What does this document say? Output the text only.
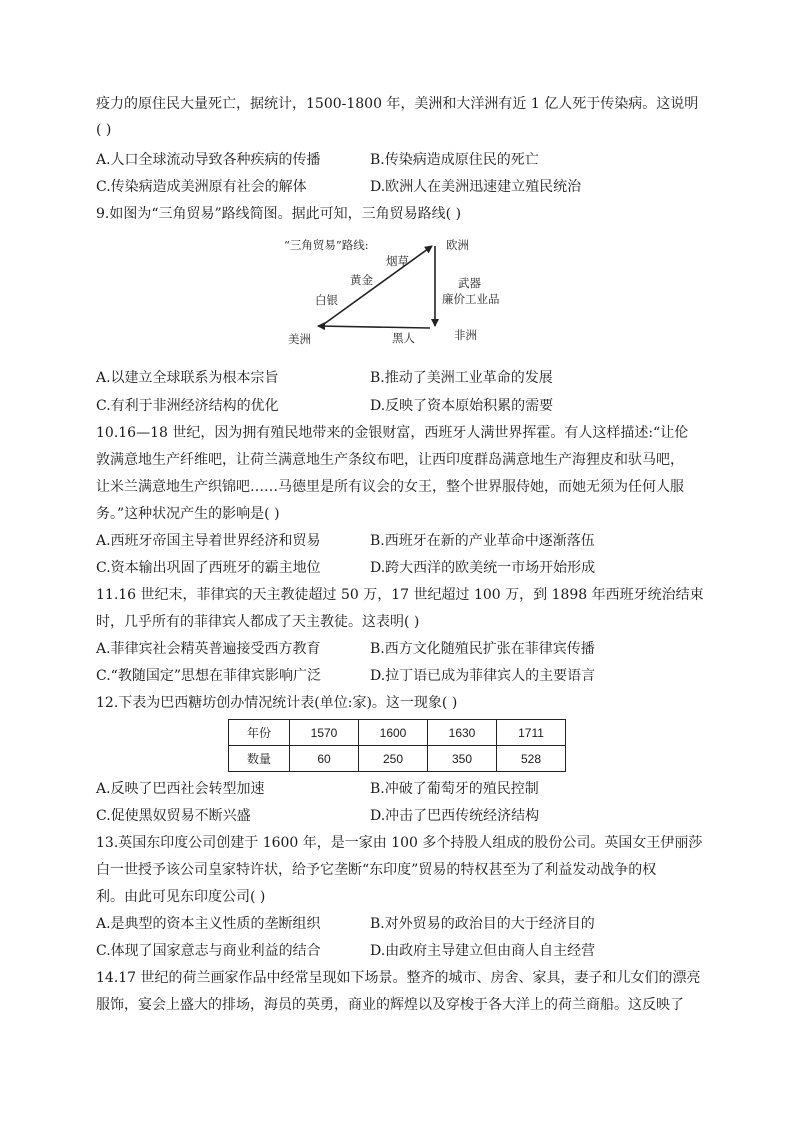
疫力的原住民大量死亡，据统计，1500-1800 年，美洲和大洋洲有近 1 亿人死于传染病。这说明
( )
A.人口全球流动导致各种疾病的传播	B.传染病造成原住民的死亡
C.传染病造成美洲原有社会的解体	D.欧洲人在美洲迅速建立殖民统治
9.如图为“三角贸易”路线简图。据此可知，三角贸易路线( )
“三角贸易”路线:	欧洲
烟草
黄金
白银
武器
廉价工业品
非洲
黑人
美洲
A.以建立全球联系为根本宗旨	B.推动了美洲工业革命的发展
C.有利于非洲经济结构的优化	D.反映了资本原始积累的需要
10.16—18 世纪，因为拥有殖民地带来的金银财富，西班牙人满世界挥霍。有人这样描述:“让伦
敦满意地生产纤维吧，让荷兰满意地生产条纹布吧，让西印度群岛满意地生产海狸皮和驮马吧，
让米兰满意地生产织锦吧……马德里是所有议会的女王，整个世界服侍她，而她无须为任何人服
务。”这种状况产生的影响是( )
A.西班牙帝国主导着世界经济和贸易	B.西班牙在新的产业革命中逐渐落伍
C.资本输出巩固了西班牙的霸主地位	D.跨大西洋的欧美统一市场开始形成
11.16 世纪末，菲律宾的天主教徒超过 50 万，17 世纪超过 100 万，到 1898 年西班牙统治结束
时，几乎所有的菲律宾人都成了天主教徒。这表明( )
A.菲律宾社会精英普遍接受西方教育	B.西方文化随殖民扩张在菲律宾传播
C.“教随国定”思想在菲律宾影响广泛	D.拉丁语已成为菲律宾人的主要语言
12.下表为巴西糖坊创办情况统计表(单位:家)。这一现象( )
年份	1570	1600	1630	1711
数量	60	250	350	528
A.反映了巴西社会转型加速	B.冲破了葡萄牙的殖民控制
C.促使黑奴贸易不断兴盛	D.冲击了巴西传统经济结构
13.英国东印度公司创建于 1600 年，是一家由 100 多个持股人组成的股份公司。英国女王伊丽莎
白一世授予该公司皇家特许状，给予它垄断“东印度”贸易的特权甚至为了利益发动战争的权
利。由此可见东印度公司( )
A.是典型的资本主义性质的垄断组织	B.对外贸易的政治目的大于经济目的
C.体现了国家意志与商业利益的结合	D.由政府主导建立但由商人自主经营
14.17 世纪的荷兰画家作品中经常呈现如下场景。整齐的城市、房舍、家具，妻子和儿女们的漂亮
服饰，宴会上盛大的排场，海员的英勇，商业的辉煌以及穿梭于各大洋上的荷兰商船。这反映了
